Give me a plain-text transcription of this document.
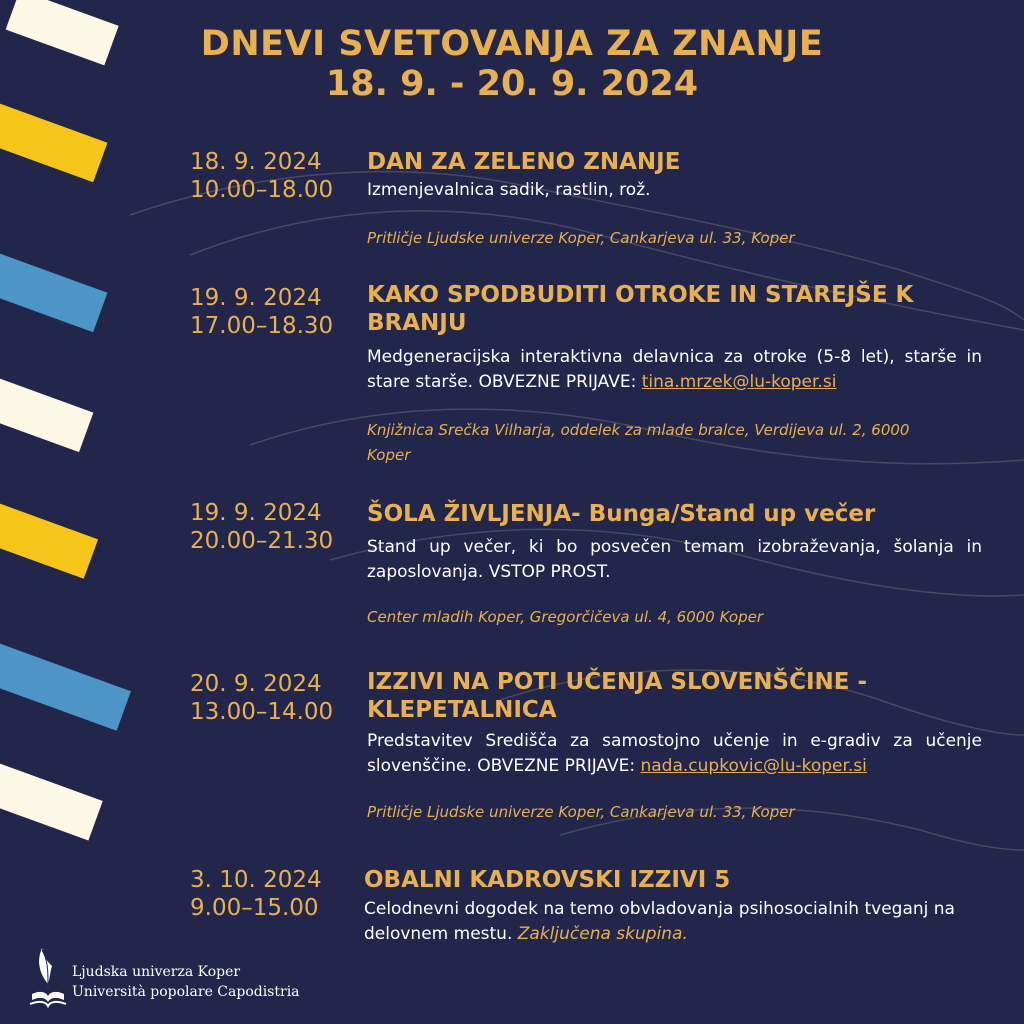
DNEVI SVETOVANJA ZA ZNANJE
18. 9. - 20. 9. 2024
18. 9. 2024
10.00–18.00
DAN ZA ZELENO ZNANJE
Izmenjevalnica sadik, rastlin, rož.
Pritličje Ljudske univerze Koper, Cankarjeva ul. 33, Koper
19. 9. 2024
17.00–18.30
KAKO SPODBUDITI OTROKE IN STAREJŠE K BRANJU
Medgeneracijska interaktivna delavnica za otroke (5-8 let), starše in stare starše. OBVEZNE PRIJAVE: tina.mrzek@lu-koper.si
Knjižnica Srečka Vilharja, oddelek za mlade bralce, Verdijeva ul. 2, 6000 Koper
19. 9. 2024
20.00–21.30
ŠOLA ŽIVLJENJA- Bunga/Stand up večer
Stand up večer, ki bo posvečen temam izobraževanja, šolanja in zaposlovanja. VSTOP PROST.
Center mladih Koper, Gregorčičeva ul. 4, 6000 Koper
20. 9. 2024
13.00–14.00
IZZIVI NA POTI UČENJA SLOVENŠČINE - KLEPETALNICA
Predstavitev Središča za samostojno učenje in e-gradiv za učenje slovenščine. OBVEZNE PRIJAVE: nada.cupkovic@lu-koper.si
Pritličje Ljudske univerze Koper, Cankarjeva ul. 33, Koper
3. 10. 2024
9.00–15.00
OBALNI KADROVSKI IZZIVI 5
Celodnevni dogodek na temo obvladovanja psihosocialnih tveganj na delovnem mestu. Zaključena skupina.
Ljudska univerza Koper
Università popolare Capodistria
